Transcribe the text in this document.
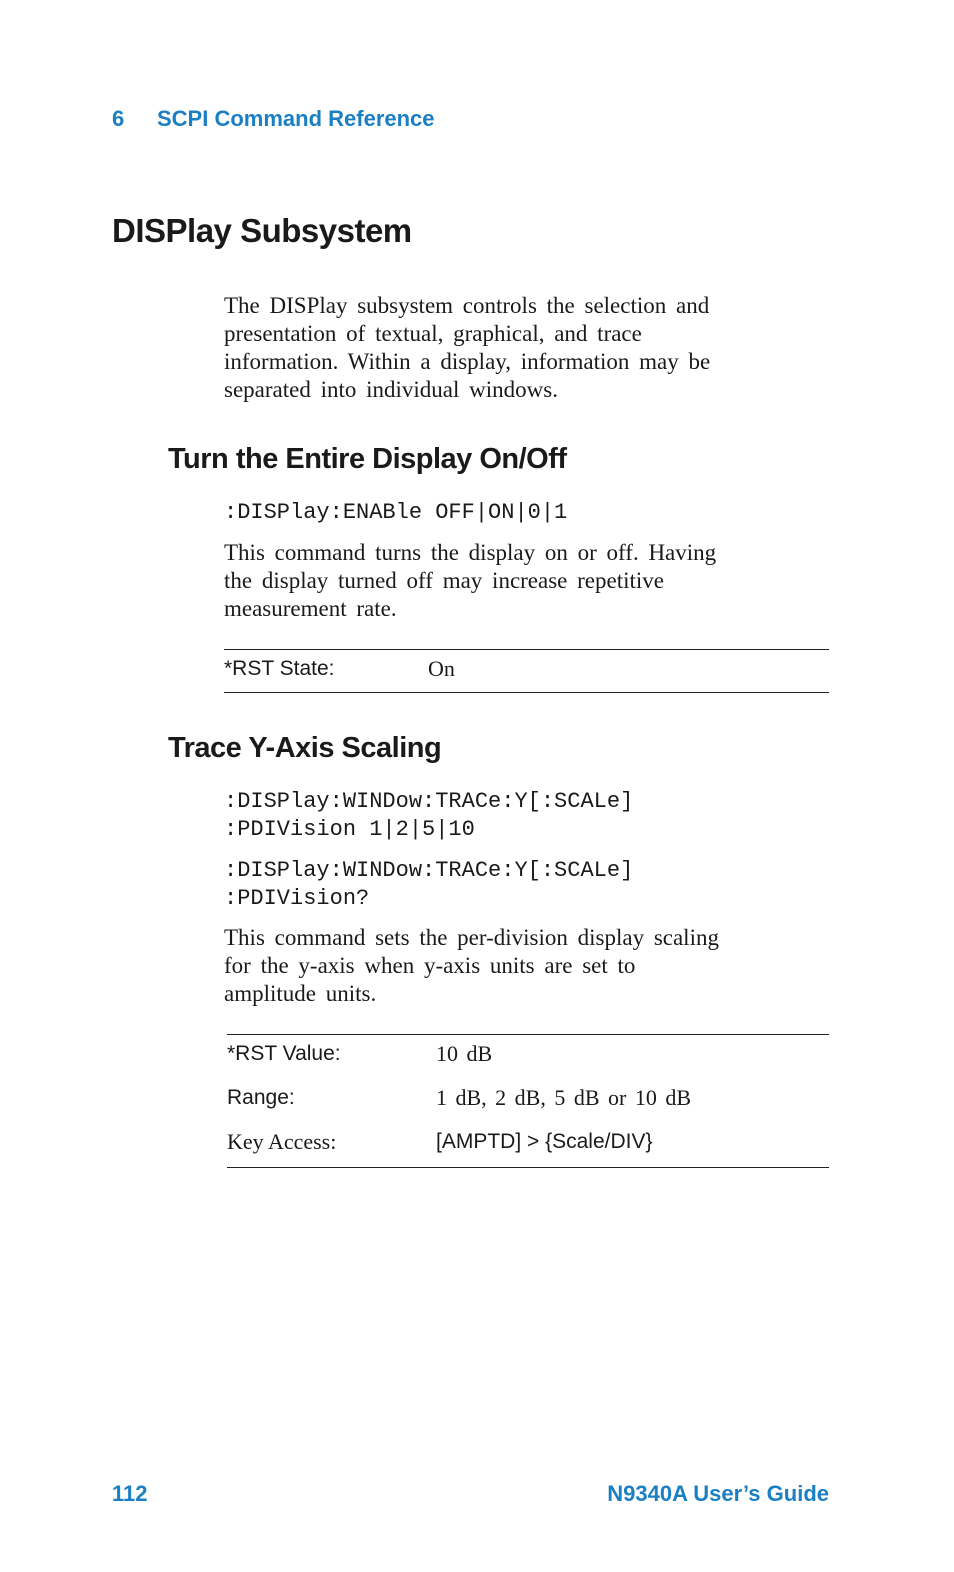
6 SCPI Command Reference
DISPlay Subsystem
The DISPlay subsystem controls the selection and
presentation of textual, graphical, and trace
information. Within a display, information may be
separated into individual windows.
Turn the Entire Display On/Off
:DISPlay:ENABle OFF|ON|0|1
This command turns the display on or off. Having
the display turned off may increase repetitive
measurement rate.
*RST State:	On
Trace Y-Axis Scaling
:DISPlay:WINDow:TRACe:Y[:SCALe]
:PDIVision 1|2|5|10
:DISPlay:WINDow:TRACe:Y[:SCALe]
:PDIVision?
This command sets the per-division display scaling
for the y-axis when y-axis units are set to
amplitude units.
*RST Value:	10 dB
Range:	1 dB, 2 dB, 5 dB or 10 dB
Key Access:	[AMPTD] > {Scale/DIV}
112	N9340A User’s Guide
